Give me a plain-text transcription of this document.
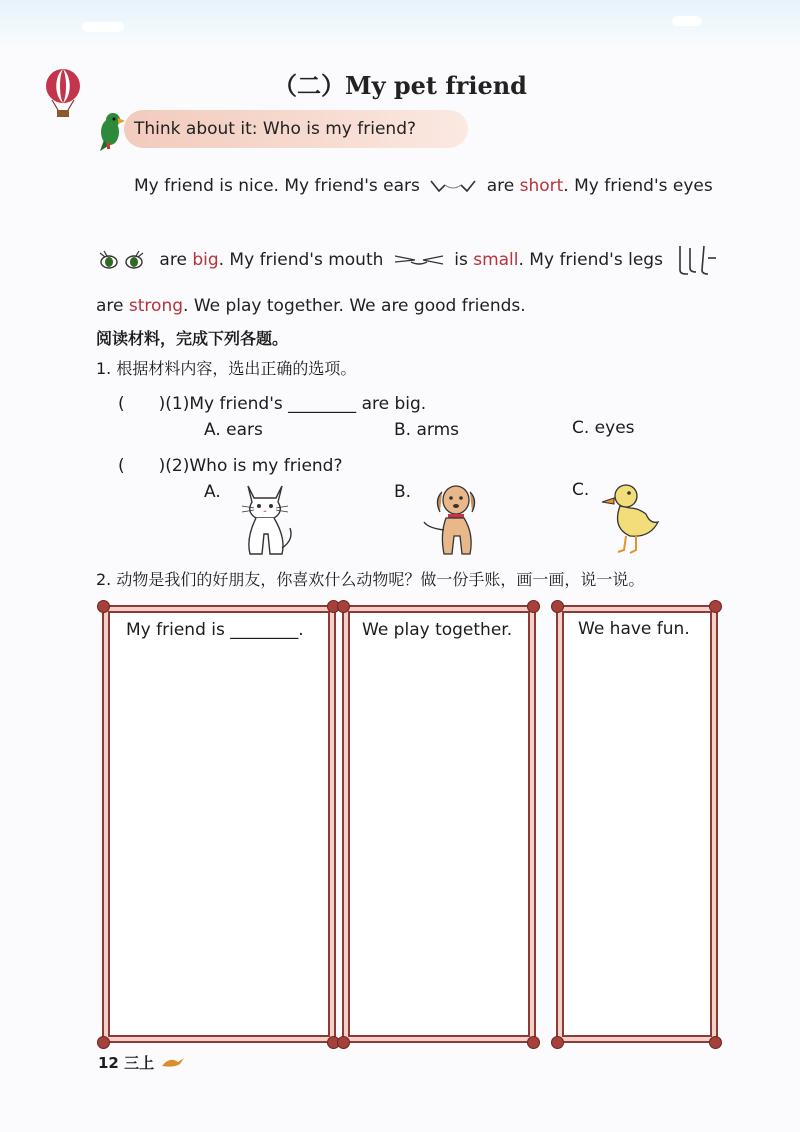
（二）My pet friend
Think about it: Who is my friend?
My friend is nice. My friend's ears	are short. My friend's eyes
are big. My friend's mouth	is small. My friend's legs
are strong. We play together. We are good friends.
阅读材料，完成下列各题。
1. 根据材料内容，选出正确的选项。
(　　)(1)My friend's ________ are big.
A. ears	B. arms	C. eyes
(　　)(2)Who is my friend?
A.	B.	C.
2. 动物是我们的好朋友，你喜欢什么动物呢？做一份手账，画一画，说一说。
My friend is ________.	We play together.	We have fun.
12 三上
